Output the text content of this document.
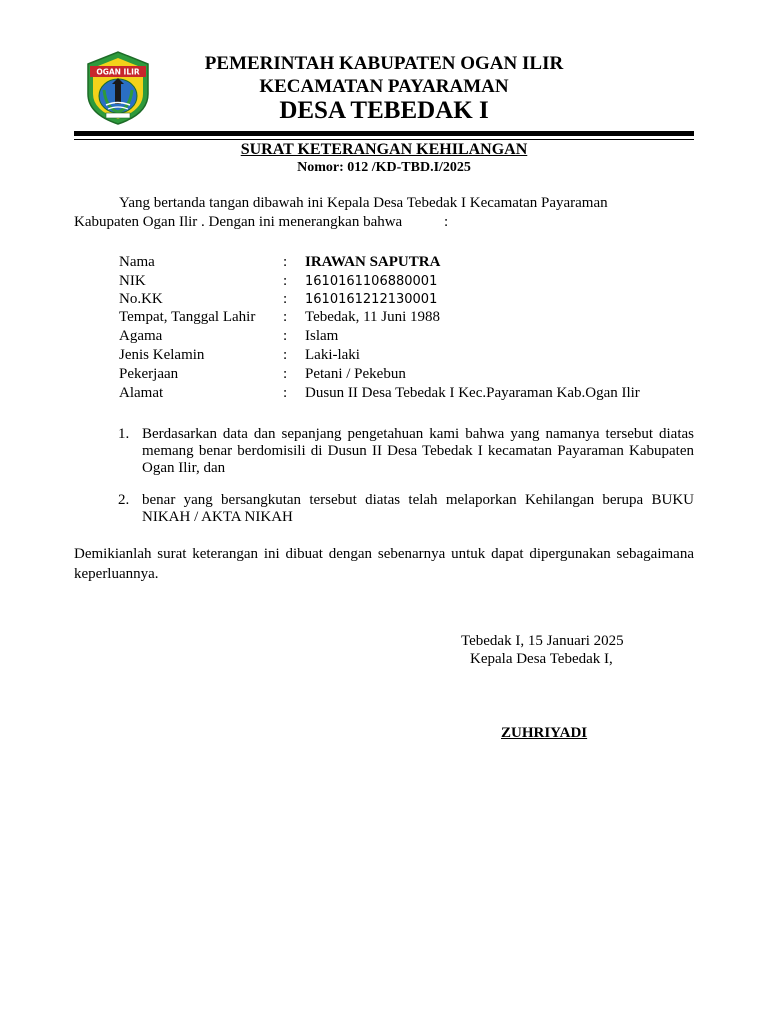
OGAN ILIR	PEMERINTAH KABUPATEN OGAN ILIR
KECAMATAN PAYARAMAN
DESA TEBEDAK I
SURAT KETERANGAN KEHILANGAN
Nomor: 012 /KD-TBD.I/2025
Yang bertanda tangan dibawah ini Kepala Desa Tebedak I Kecamatan Payaraman
Kabupaten Ogan Ilir . Dengan ini menerangkan bahwa	:
Nama	: IRAWAN SAPUTRA
NIK	: 1610161106880001
No.KK	: 1610161212130001
Tempat, Tanggal Lahir : Tebedak, 11 Juni 1988
Agama	: Islam
Jenis Kelamin	: Laki-laki
Pekerjaan	: Petani / Pekebun
Alamat	: Dusun II Desa Tebedak I Kec.Payaraman Kab.Ogan Ilir
1. Berdasarkan data dan sepanjang pengetahuan kami bahwa yang namanya tersebut diatas memang benar berdomisili di Dusun II Desa Tebedak I kecamatan Payaraman Kabupaten Ogan Ilir, dan
2. benar yang bersangkutan tersebut diatas telah melaporkan Kehilangan berupa BUKU NIKAH / AKTA NIKAH
Demikianlah surat keterangan ini dibuat dengan sebenarnya untuk dapat dipergunakan sebagaimana keperluannya.
Tebedak I, 15 Januari 2025
Kepala Desa Tebedak I,
ZUHRIYADI
